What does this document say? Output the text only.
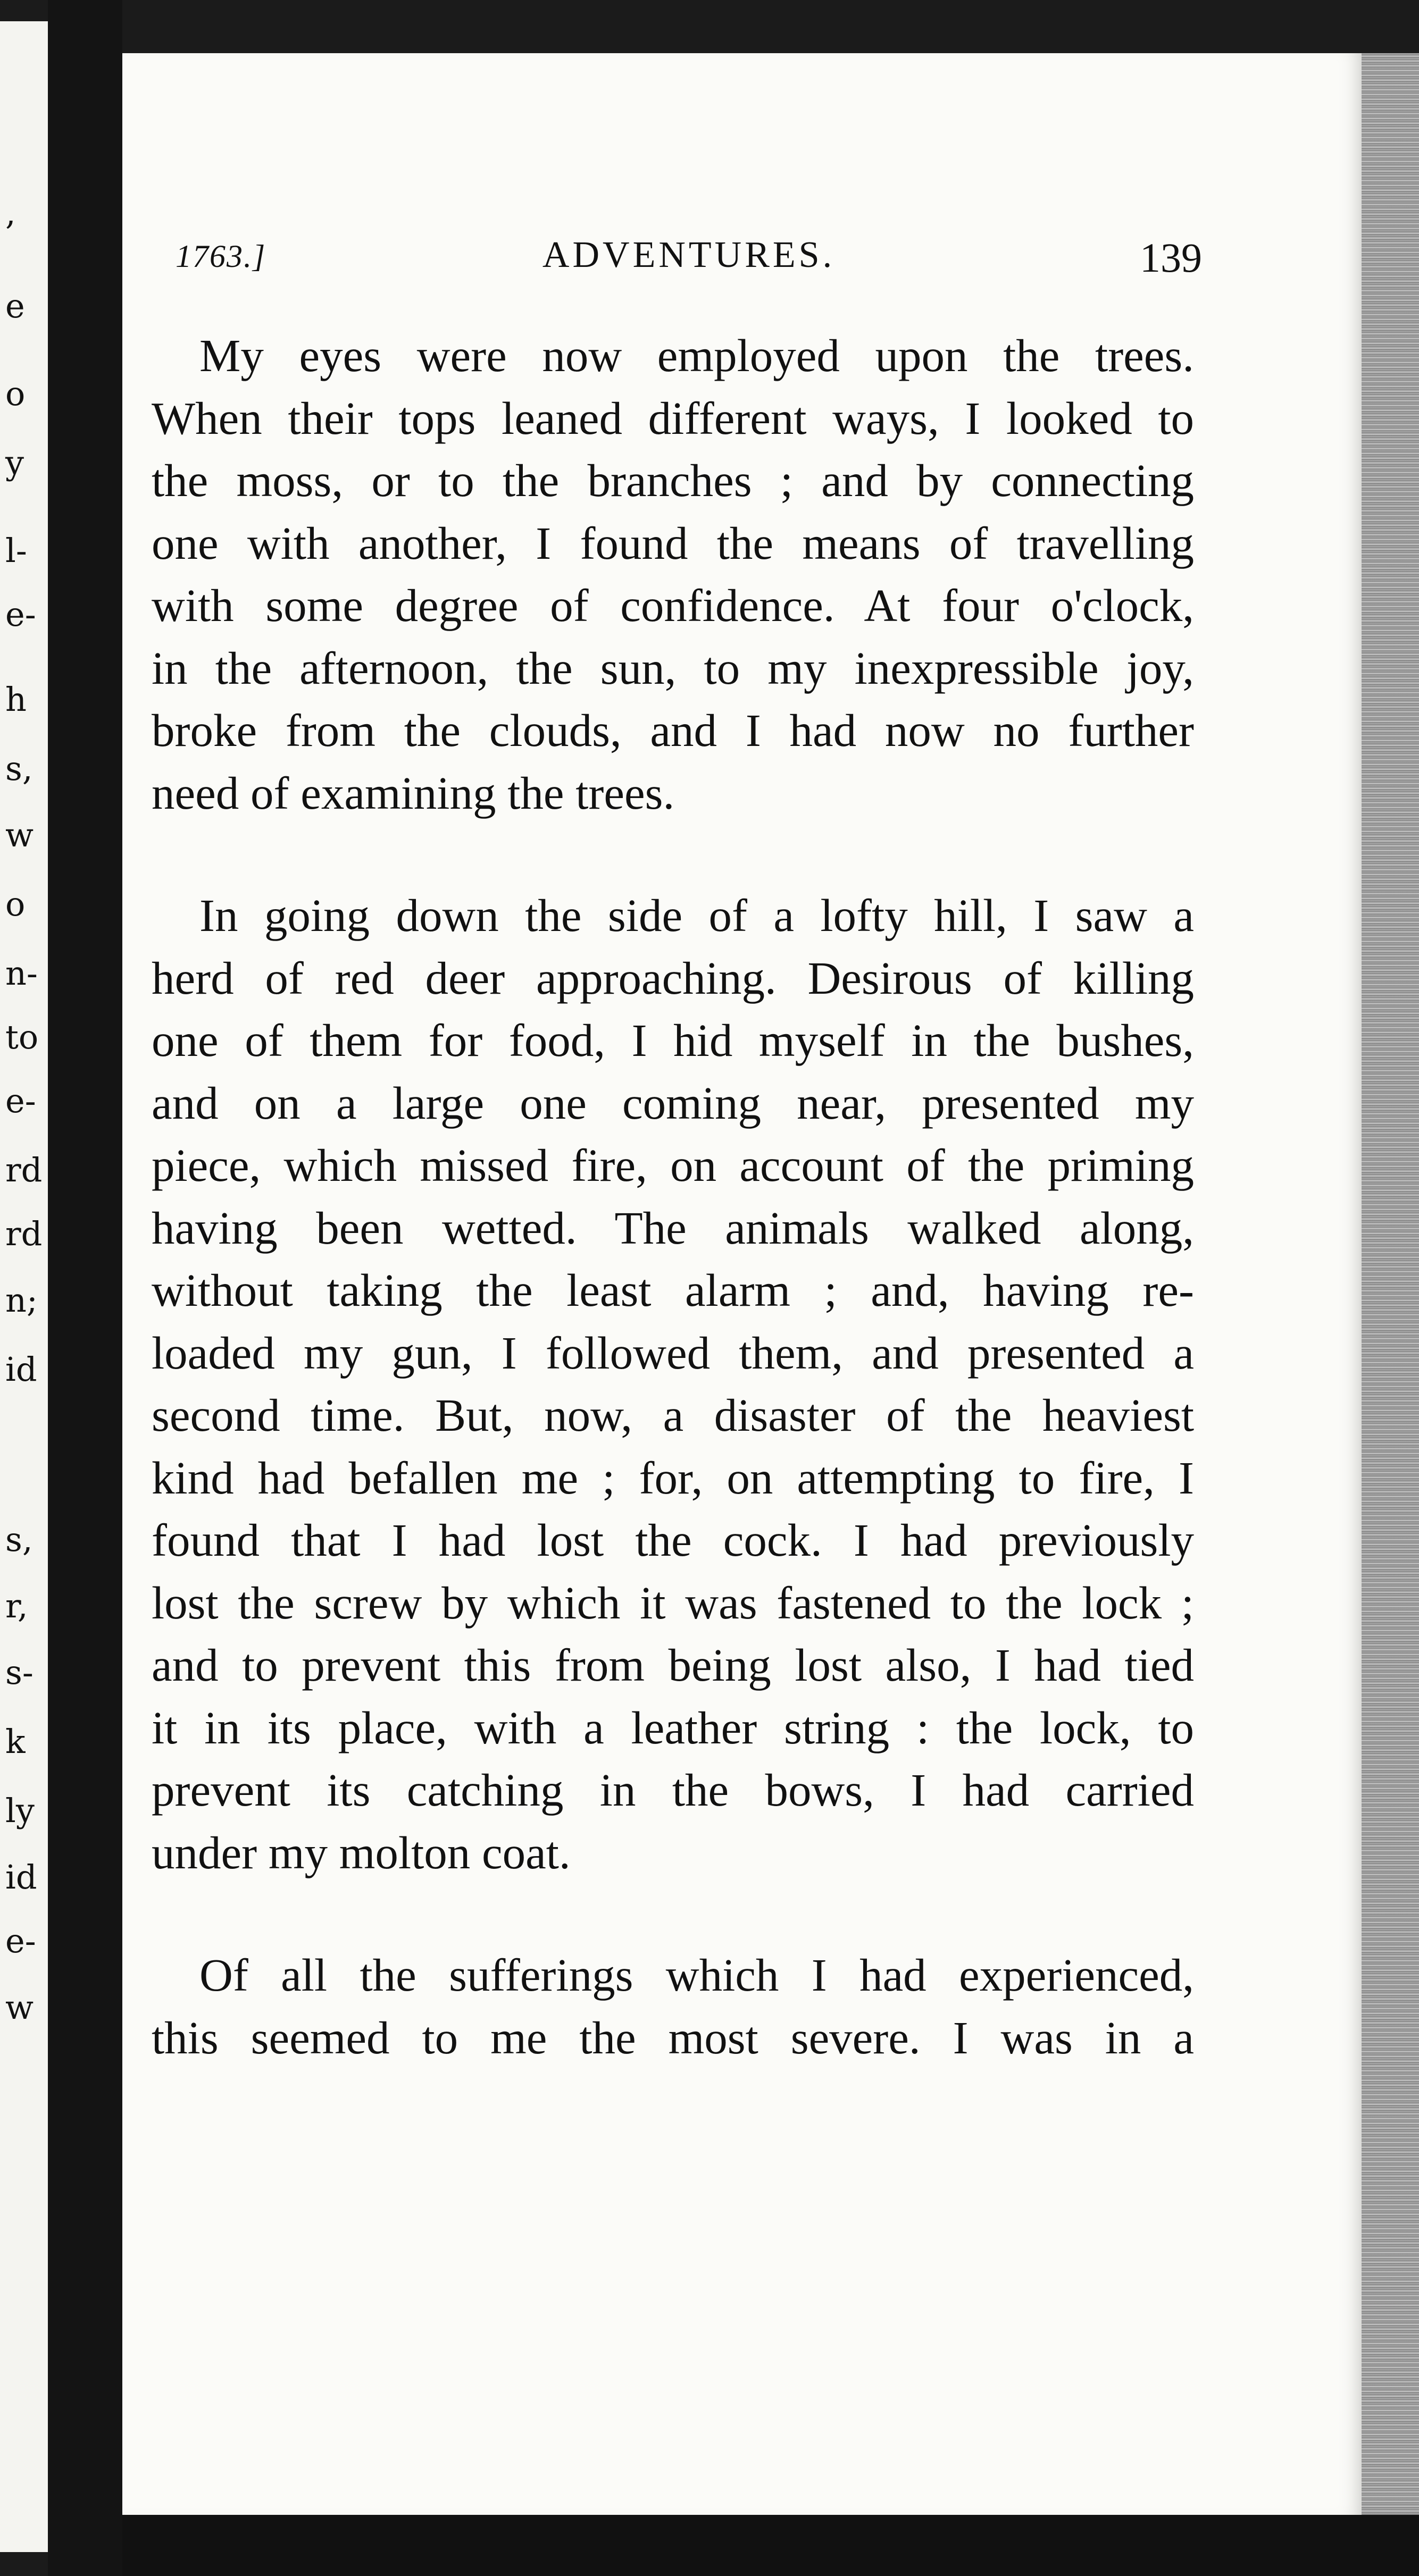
,
e
o
y
l-
e-
h
s,
w
o
n-
to
e-
rd
rd
n;
id
s,
r,
s-
k
ly
id
e-
w
1763.]	ADVENTURES.	139
My eyes were now employed upon the trees.
When their tops leaned different ways, I looked to
the moss, or to the branches ; and by connecting
one with another, I found the means of travelling
with some degree of confidence. At four o'clock,
in the afternoon, the sun, to my inexpressible joy,
broke from the clouds, and I had now no further
need of examining the trees.
In going down the side of a lofty hill, I saw a
herd of red deer approaching. Desirous of killing
one of them for food, I hid myself in the bushes,
and on a large one coming near, presented my
piece, which missed fire, on account of the priming
having been wetted. The animals walked along,
without taking the least alarm ; and, having re-
loaded my gun, I followed them, and presented a
second time. But, now, a disaster of the heaviest
kind had befallen me ; for, on attempting to fire, I
found that I had lost the cock. I had previously
lost the screw by which it was fastened to the lock ;
and to prevent this from being lost also, I had tied
it in its place, with a leather string : the lock, to
prevent its catching in the bows, I had carried
under my molton coat.
Of all the sufferings which I had experienced,
this seemed to me the most severe. I was in a
